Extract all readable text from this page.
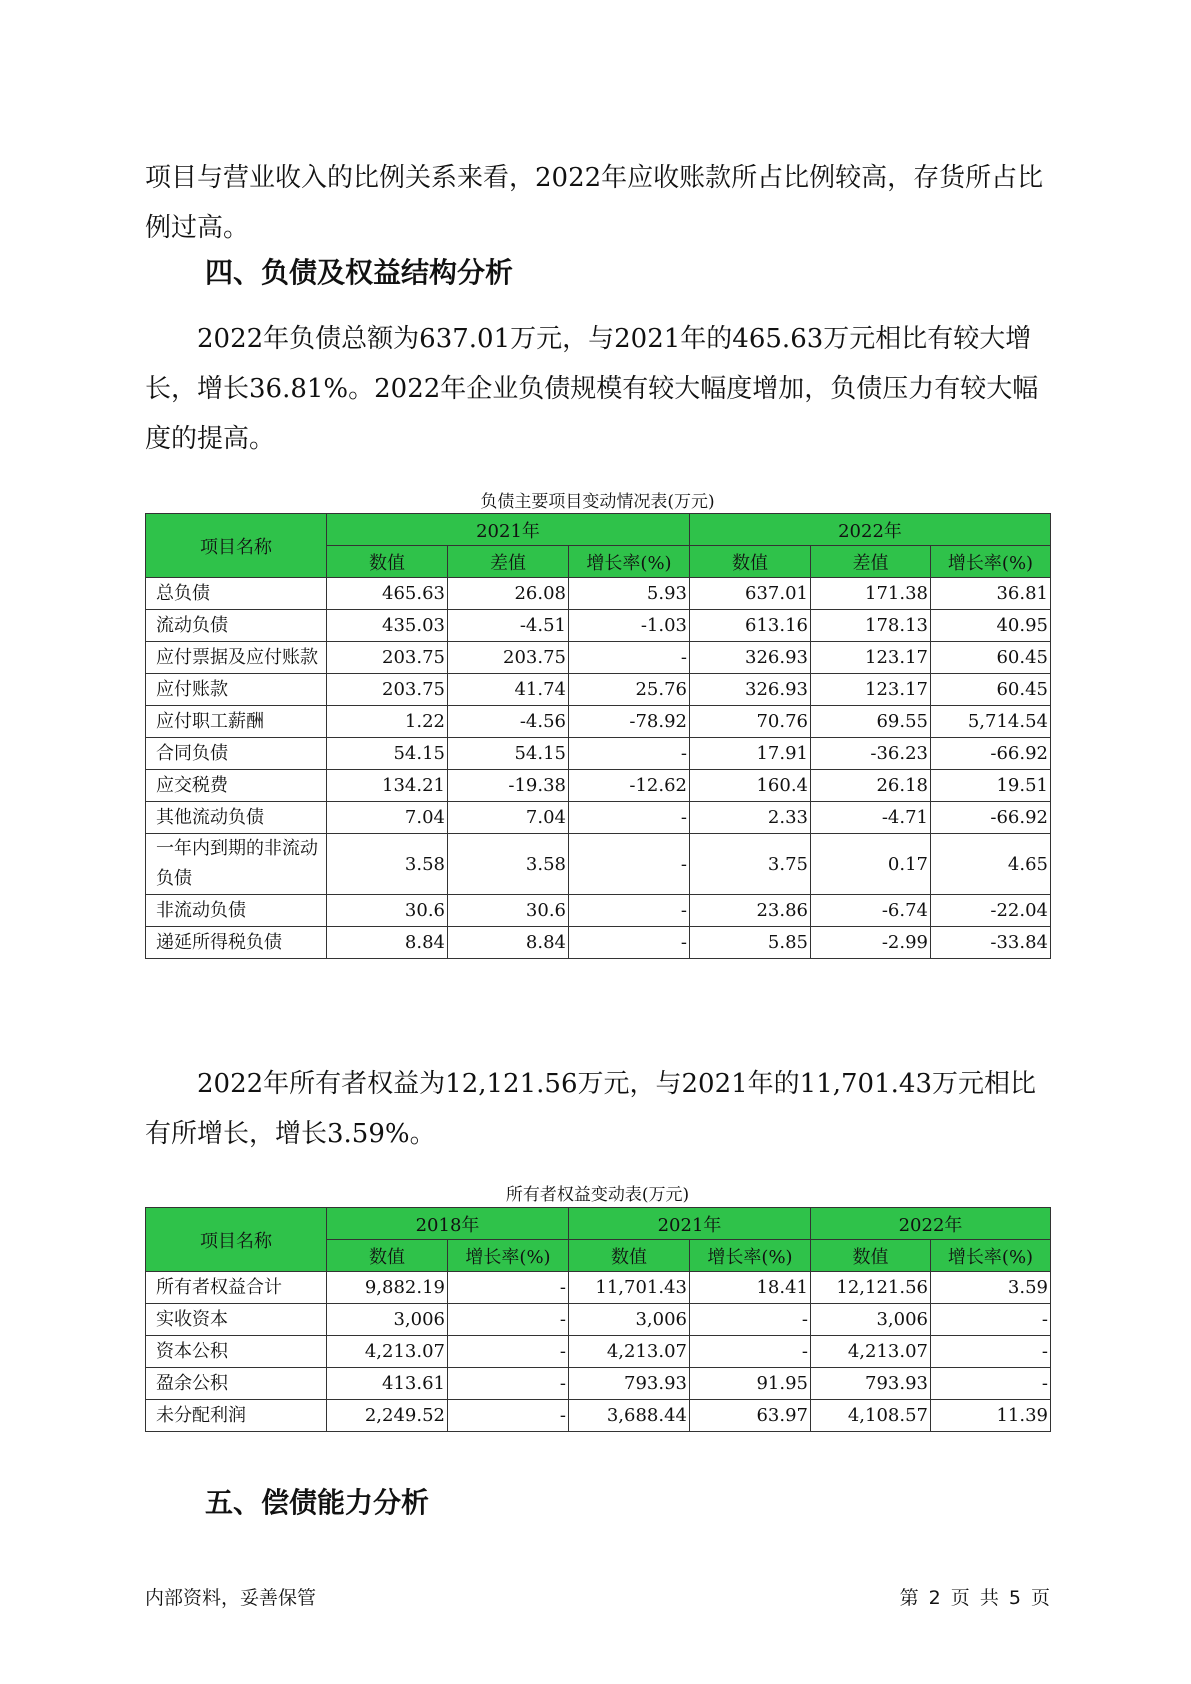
项目与营业收入的比例关系来看，2022年应收账款所占比例较高，存货所占比例过高。

四、负债及权益结构分析

2022年负债总额为637.01万元，与2021年的465.63万元相比有较大增长，增长36.81%。2022年企业负债规模有较大幅度增加，负债压力有较大幅度的提高。

负债主要项目变动情况表(万元)
项目名称	2021年			2022年		
	数值	差值	增长率(%)	数值	差值	增长率(%)
总负债	465.63	26.08	5.93	637.01	171.38	36.81
流动负债	435.03	-4.51	-1.03	613.16	178.13	40.95
应付票据及应付账款	203.75	203.75	-	326.93	123.17	60.45
应付账款	203.75	41.74	25.76	326.93	123.17	60.45
应付职工薪酬	1.22	-4.56	-78.92	70.76	69.55	5,714.54
合同负债	54.15	54.15	-	17.91	-36.23	-66.92
应交税费	134.21	-19.38	-12.62	160.4	26.18	19.51
其他流动负债	7.04	7.04	-	2.33	-4.71	-66.92
一年内到期的非流动负债	3.58	3.58	-	3.75	0.17	4.65
非流动负债	30.6	30.6	-	23.86	-6.74	-22.04
递延所得税负债	8.84	8.84	-	5.85	-2.99	-33.84

2022年所有者权益为12,121.56万元，与2021年的11,701.43万元相比有所增长，增长3.59%。

所有者权益变动表(万元)
项目名称	2018年		2021年		2022年	
	数值	增长率(%)	数值	增长率(%)	数值	增长率(%)
所有者权益合计	9,882.19	-	11,701.43	18.41	12,121.56	3.59
实收资本	3,006	-	3,006	-	3,006	-
资本公积	4,213.07	-	4,213.07	-	4,213.07	-
盈余公积	413.61	-	793.93	91.95	793.93	-
未分配利润	2,249.52	-	3,688.44	63.97	4,108.57	11.39
五、偿债能力分析
内部资料，妥善保管	第 2 页 共 5 页
